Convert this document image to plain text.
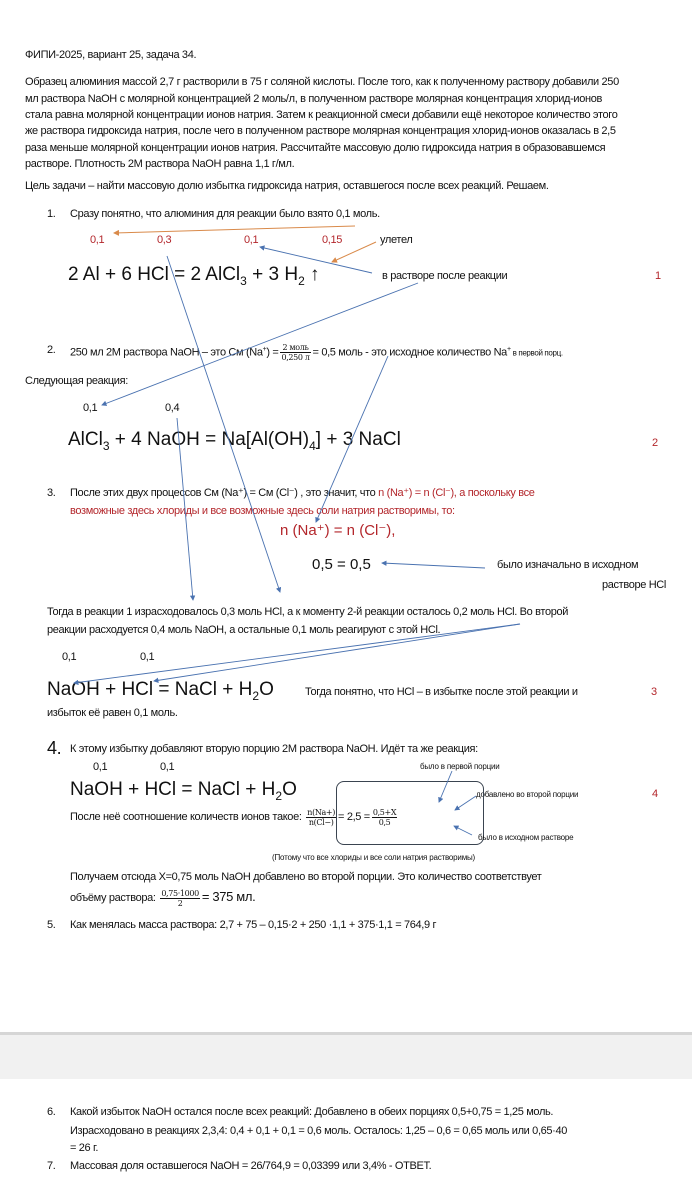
ФИПИ-2025, вариант 25, задача 34.
Образец алюминия массой 2,7 г растворили в 75 г соляной кислоты. После того, как к полученному раствору добавили 250
мл раствора NaOH с молярной концентрацией 2 моль/л, в полученном растворе молярная концентрация хлорид-ионов
стала равна молярной концентрации ионов натрия. Затем к реакционной смеси добавили ещё некоторое количество этого
же раствора гидроксида натрия, после чего в полученном растворе молярная концентрация хлорид-ионов оказалась в 2,5
раза меньше молярной концентрации ионов натрия. Рассчитайте массовую долю гидроксида натрия в образовавшемся
растворе. Плотность 2М раствора NaOH равна 1,1 г/мл.
Цель задачи – найти массовую долю избытка гидроксида натрия, оставшегося после всех реакций. Решаем.
1. Сразу понятно, что алюминия для реакции было взято 0,1 моль.
0,1	0,3	0,1	0,15	улетел
2 Al + 6 HCl = 2 AlCl$_3$ + 3 $H_2$ ↑	в растворе после реакции	1
2. 250 мл 2М раствора NaOH – это См $(Na^+) = \frac{\text{2 моль}}{0,250 л} = 0,5$ моль - это исходное количество Na+ в первой порц.
Следующая реакция:
0,1	0,4
AlCl$_3$ + 4 NaOH = $Na[Al(OH)_4] + 3$ NaCl	2
3. После этих двух процессов См (Na⁺) = См (Cl⁻) , это значит, что n (Na⁺) = n (Cl⁻), а поскольку все
возможные здесь хлориды и все возможные здесь соли натрия растворимы, то:
n (Na⁺) = n (Cl⁻),
0,5 = 0,5	было изначально в исходном
растворе HCl
Тогда в реакции 1 израсходовалось 0,3 моль HCl, а к моменту 2-й реакции осталось 0,2 моль HCl. Во второй
реакции расходуется 0,4 моль NaOH, а остальные 0,1 моль реагируют с этой HCl.
0,1	0,1
NaOH + HCl = NaCl + $H_2O$	Тогда понятно, что HCl – в избытке после этой реакции и	3
избыток её равен 0,1 моль.
4. К этому избытку добавляют вторую порцию 2М раствора NaOH. Идёт та же реакция:
0,1	0,1	было в первой порции
NaOH + HCl = NaCl + $H_2O$	добавлено во второй порции	4
После неё соотношение количеств ионов такое: $\frac{n(Na+)}{n(Cl-)} = 2,5 = \frac{0,5+X}{0,5}$
было в исходном растворе
(Потому что все хлориды и все соли натрия растворимы)
Получаем отсюда X=0,75 моль NaOH добавлено во второй порции. Это количество соответствует
объёму раствора: $\frac{0,75\cdot 1000}{2} = 375$ мл.
5. Как менялась масса раствора: 2,7 + 75 – 0,15·2 + 250 ·1,1 + 375·1,1 = 764,9 г
6. Какой избыток NaOH остался после всех реакций: Добавлено в обеих порциях 0,5+0,75 = 1,25 моль.
Израсходовано в реакциях 2,3,4: 0,4 + 0,1 + 0,1 = 0,6 моль. Осталось: 1,25 – 0,6 = 0,65 моль или 0,65·40
= 26 г.
7. Массовая доля оставшегося NaOH = 26/764,9 = 0,03399 или 3,4% - ОТВЕТ.
